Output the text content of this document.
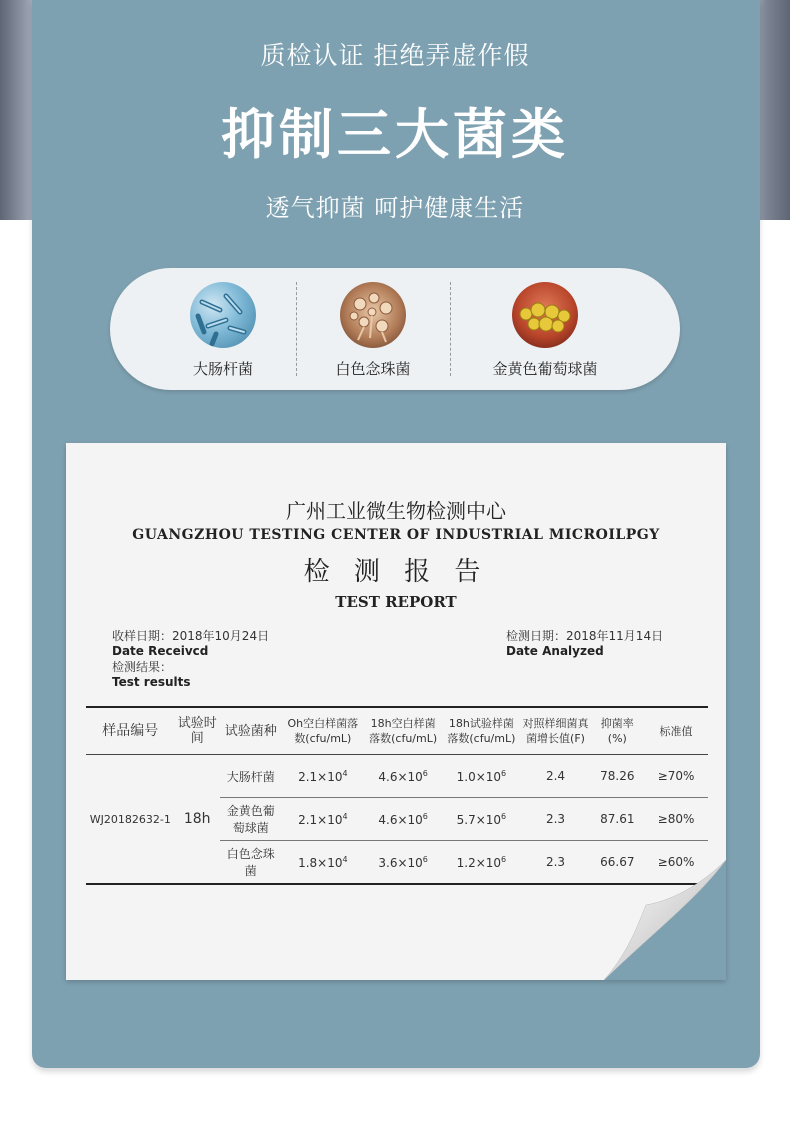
质检认证 拒绝弄虚作假
抑制三大菌类
透气抑菌 呵护健康生活
大肠杆菌	白色念珠菌	金黄色葡萄球菌
广州工业微生物检测中心
GUANGZHOU TESTING CENTER OF INDUSTRIAL MICROILPGY
检 测 报 告
TEST REPORT
收样日期：2018年10月24日
Date Receivcd
检测结果：
Test results
检测日期：2018年11月14日
Date Analyzed
样品编号	试验时间	试验菌种	Oh空白样菌落数(cfu/mL)	18h空白样菌落数(cfu/mL)	18h试验样菌落数(cfu/mL)	对照样细菌真菌增长值(F)	抑菌率(%)	标准值
WJ20182632-1	18h	大肠杆菌	$2.1\times 10^4$	$4.6\times 10^6$	$1.0\times 10^6$	2.4	78.26	≥70%
		金黄色葡萄球菌	$2.1\times 10^4$	$4.6\times 10^6$	$5.7\times 10^6$	2.3	87.61	≥80%
		白色念珠菌	$1.8\times 10^4$	$3.6\times 10^6$	$1.2\times 10^6$	2.3	66.67	≥60%
